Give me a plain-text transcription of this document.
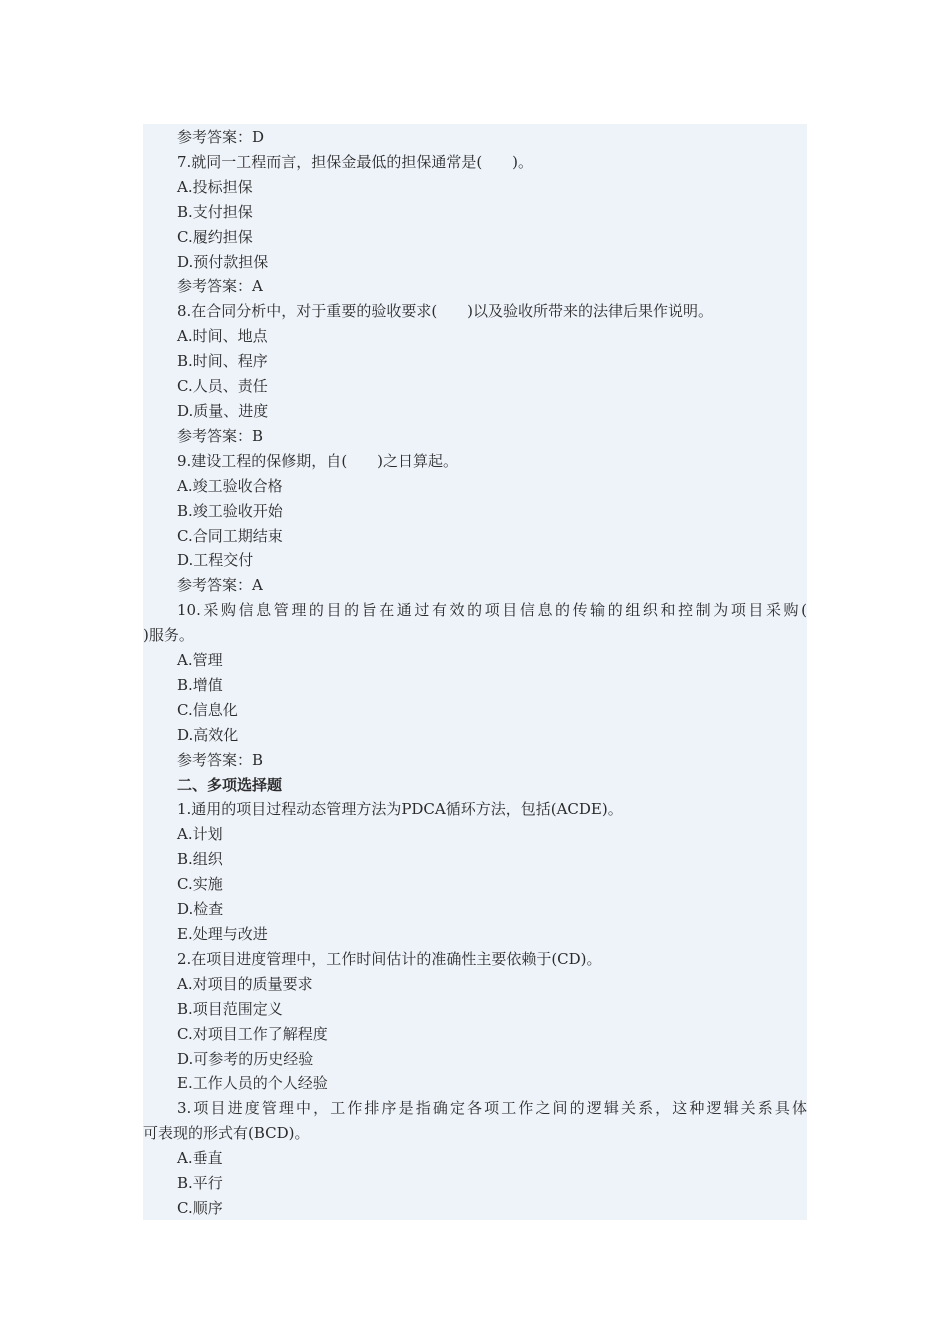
参考答案：D
7.就同一工程而言，担保金最低的担保通常是(　　)。
A.投标担保
B.支付担保
C.履约担保
D.预付款担保
参考答案：A
8.在合同分析中，对于重要的验收要求(　　)以及验收所带来的法律后果作说明。
A.时间、地点
B.时间、程序
C.人员、责任
D.质量、进度
参考答案：B
9.建设工程的保修期，自(　　)之日算起。
A.竣工验收合格
B.竣工验收开始
C.合同工期结束
D.工程交付
参考答案：A
10.采购信息管理的目的旨在通过有效的项目信息的传输的组织和控制为项目采购(
)服务。
A.管理
B.增值
C.信息化
D.高效化
参考答案：B
二、多项选择题
1.通用的项目过程动态管理方法为PDCA循环方法，包括(ACDE)。
A.计划
B.组织
C.实施
D.检查
E.处理与改进
2.在项目进度管理中，工作时间估计的准确性主要依赖于(CD)。
A.对项目的质量要求
B.项目范围定义
C.对项目工作了解程度
D.可参考的历史经验
E.工作人员的个人经验
3.项目进度管理中，工作排序是指确定各项工作之间的逻辑关系，这种逻辑关系具体
可表现的形式有(BCD)。
A.垂直
B.平行
C.顺序
